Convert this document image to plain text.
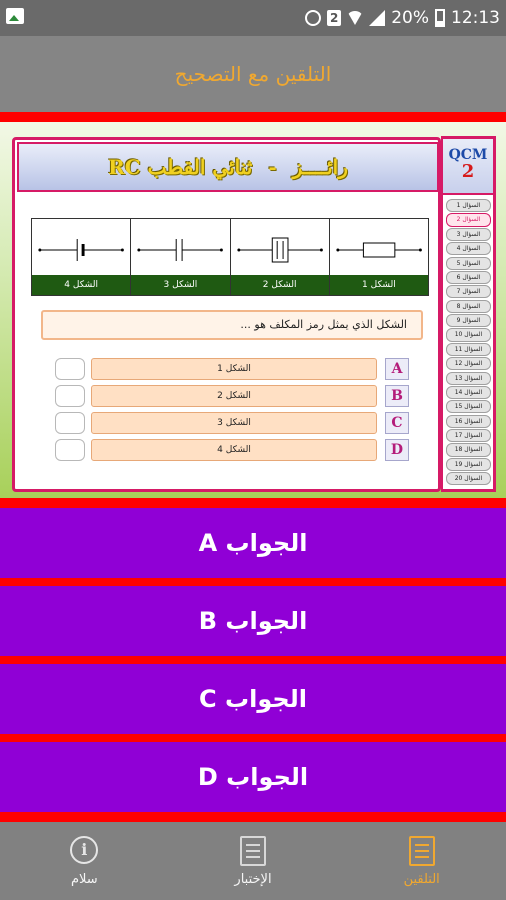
2	20% 12:13
التلقين مع التصحيح
رائــــز
-
ثنائي القطب RC
الشكل 4	الشكل 3	الشكل 2	الشكل 1
الشكل الذي يمثل رمز المكلف هو ...
الشكل 1	A
الشكل 2	B
الشكل 3	C
الشكل 4	D
QCM
2
السؤال 1
السؤال 2
السؤال 3
السؤال 4
السؤال 5
السؤال 6
السؤال 7
السؤال 8
السؤال 9
السؤال 10
السؤال 11
السؤال 12
السؤال 13
السؤال 14
السؤال 15
السؤال 16
السؤال 17
السؤال 18
السؤال 19
السؤال 20
الجواب A
الجواب B
الجواب C
الجواب D
i
سلام	الإختبار	التلقين
